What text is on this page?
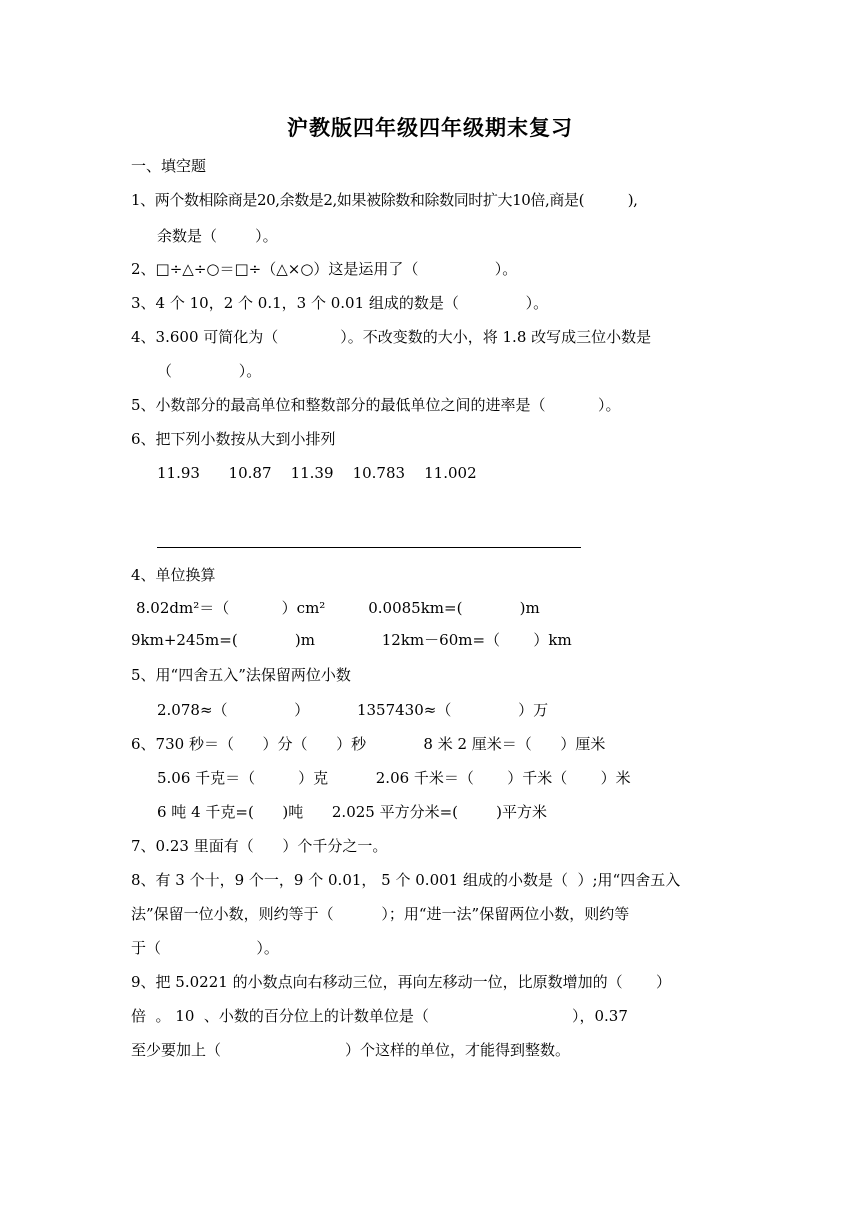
沪教版四年级四年级期末复习
一、填空题
1、两个数相除商是20,余数是2,如果被除数和除数同时扩大10倍,商是(          ),
余数是（        ）。
2、□÷△÷○＝□÷（△×○）这是运用了（                ）。
3、4 个 10，2 个 0.1，3 个 0.01 组成的数是（              ）。
4、3.600 可简化为（             ）。不改变数的大小，将 1.8 改写成三位小数是
（              ）。
5、小数部分的最高单位和整数部分的最低单位之间的进率是（           ）。
6、把下列小数按从大到小排列
11.93      10.87    11.39    10.783    11.002
4、单位换算
8.02dm²＝（           ）cm²         0.0085km=(            )m
9km+245m=(            )m              12km－60m=（       ）km
5、用“四舍五入”法保留两位小数
2.078≈（              ）          1357430≈（              ）万
6、730 秒＝（      ）分（      ）秒            8 米 2 厘米＝（      ）厘米
5.06 千克＝（         ）克          2.06 千米＝（       ）千米（       ）米
6 吨 4 千克=(      )吨      2.025 平方分米=(        )平方米
7、0.23 里面有（      ）个千分之一。
8、有 3 个十，9 个一，9 个 0.01， 5 个 0.001 组成的小数是（  ）;用“四舍五入
法”保留一位小数，则约等于（          ）；用“进一法”保留两位小数，则约等
于（                    ）。
9、把 5.0221 的小数点向右移动三位，再向左移动一位，比原数增加的（       ）
倍  。 10  、小数的百分位上的计数单位是（                              ），0.37
至少要加上（                          ）个这样的单位，才能得到整数。
